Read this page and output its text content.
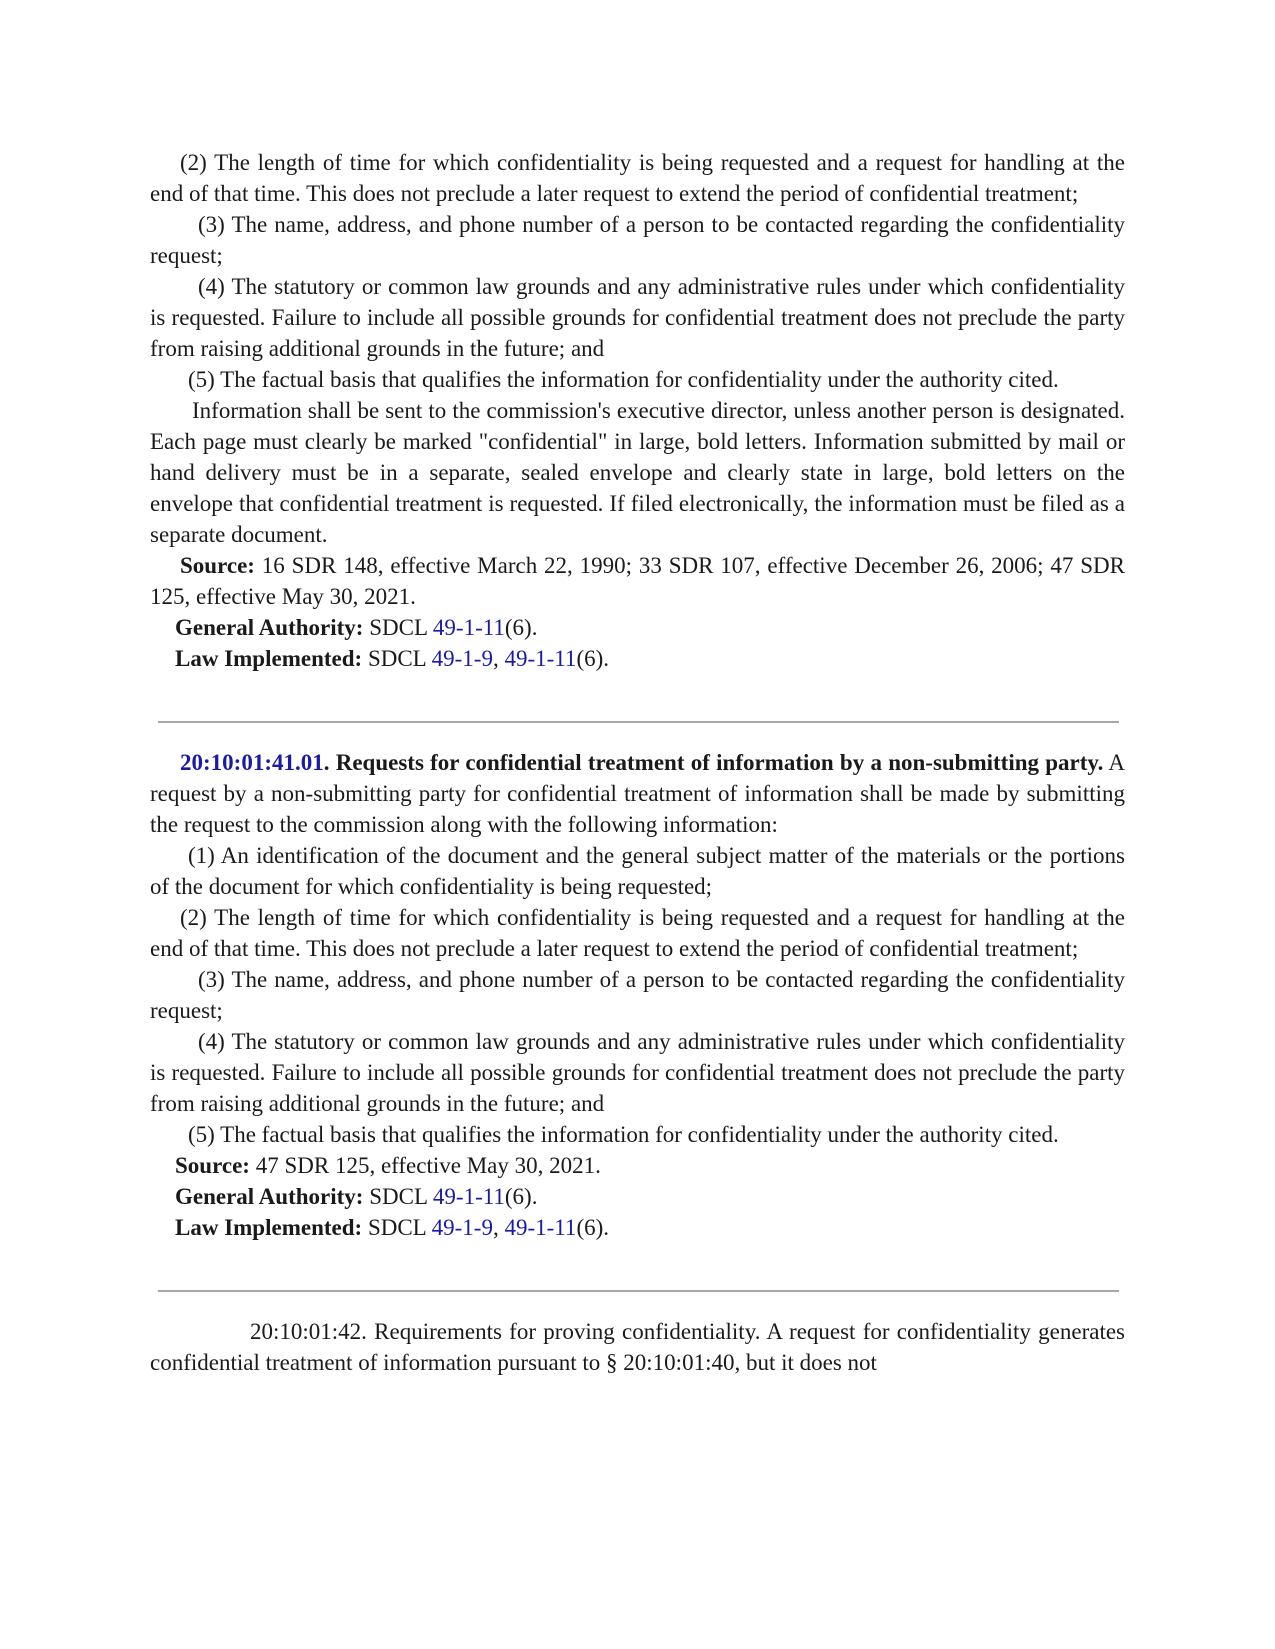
(2) The length of time for which confidentiality is being requested and a request for handling at the end of that time. This does not preclude a later request to extend the period of confidential treatment;

(3) The name, address, and phone number of a person to be contacted regarding the confidentiality request;

(4) The statutory or common law grounds and any administrative rules under which confidentiality is requested. Failure to include all possible grounds for confidential treatment does not preclude the party from raising additional grounds in the future; and

(5) The factual basis that qualifies the information for confidentiality under the authority cited.

Information shall be sent to the commission's executive director, unless another person is designated. Each page must clearly be marked "confidential" in large, bold letters. Information submitted by mail or hand delivery must be in a separate, sealed envelope and clearly state in large, bold letters on the envelope that confidential treatment is requested. If filed electronically, the information must be filed as a separate document.

Source: 16 SDR 148, effective March 22, 1990; 33 SDR 107, effective December 26, 2006; 47 SDR 125, effective May 30, 2021.

General Authority: SDCL 49-1-11(6).

Law Implemented: SDCL 49-1-9, 49-1-11(6).

20:10:01:41.01. Requests for confidential treatment of information by a non-submitting party. A request by a non-submitting party for confidential treatment of information shall be made by submitting the request to the commission along with the following information:

(1) An identification of the document and the general subject matter of the materials or the portions of the document for which confidentiality is being requested;

(2) The length of time for which confidentiality is being requested and a request for handling at the end of that time. This does not preclude a later request to extend the period of confidential treatment;

(3) The name, address, and phone number of a person to be contacted regarding the confidentiality request;

(4) The statutory or common law grounds and any administrative rules under which confidentiality is requested. Failure to include all possible grounds for confidential treatment does not preclude the party from raising additional grounds in the future; and

(5) The factual basis that qualifies the information for confidentiality under the authority cited.

Source: 47 SDR 125, effective May 30, 2021.

General Authority: SDCL 49-1-11(6).

Law Implemented: SDCL 49-1-9, 49-1-11(6).

20:10:01:42. Requirements for proving confidentiality. A request for confidentiality generates confidential treatment of information pursuant to § 20:10:01:40, but it does not
